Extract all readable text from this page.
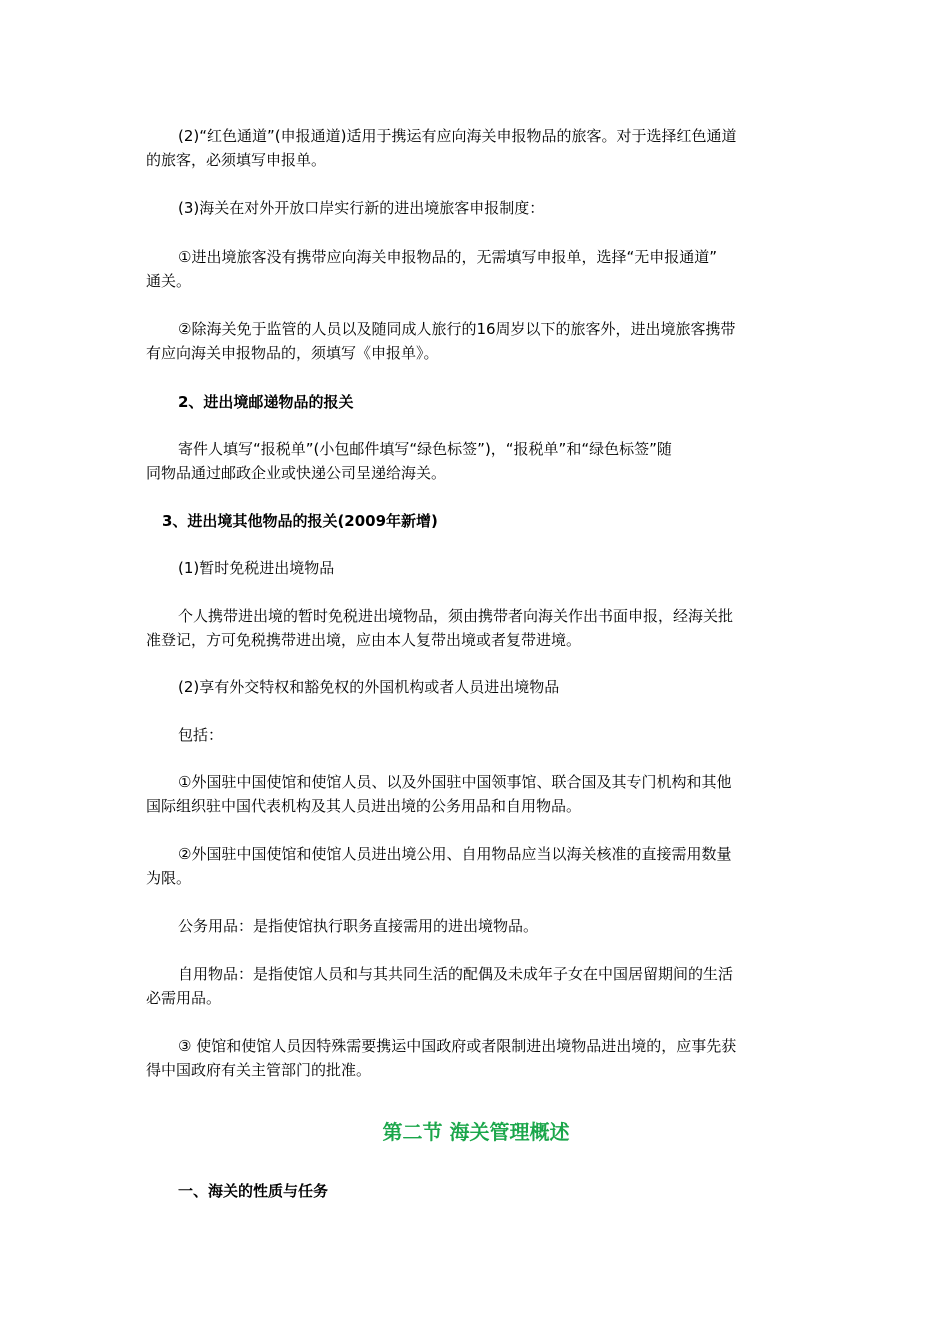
(2)“红色通道”(申报通道)适用于携运有应向海关申报物品的旅客。对于选择红色通道
的旅客，必须填写申报单。
(3)海关在对外开放口岸实行新的进出境旅客申报制度：
①进出境旅客没有携带应向海关申报物品的，无需填写申报单，选择“无申报通道”
通关。
②除海关免于监管的人员以及随同成人旅行的16周岁以下的旅客外，进出境旅客携带
有应向海关申报物品的，须填写《申报单》。
2、进出境邮递物品的报关
寄件人填写“报税单”(小包邮件填写“绿色标签”)，“报税单”和“绿色标签”随
同物品通过邮政企业或快递公司呈递给海关。
3、进出境其他物品的报关(2009年新增)
(1)暂时免税进出境物品
个人携带进出境的暂时免税进出境物品，须由携带者向海关作出书面申报，经海关批
准登记，方可免税携带进出境，应由本人复带出境或者复带进境。
(2)享有外交特权和豁免权的外国机构或者人员进出境物品
包括：
①外国驻中国使馆和使馆人员、以及外国驻中国领事馆、联合国及其专门机构和其他
国际组织驻中国代表机构及其人员进出境的公务用品和自用物品。
②外国驻中国使馆和使馆人员进出境公用、自用物品应当以海关核准的直接需用数量
为限。
公务用品：是指使馆执行职务直接需用的进出境物品。
自用物品：是指使馆人员和与其共同生活的配偶及未成年子女在中国居留期间的生活
必需用品。
③ 使馆和使馆人员因特殊需要携运中国政府或者限制进出境物品进出境的，应事先获
得中国政府有关主管部门的批准。
第二节 海关管理概述
一、海关的性质与任务
